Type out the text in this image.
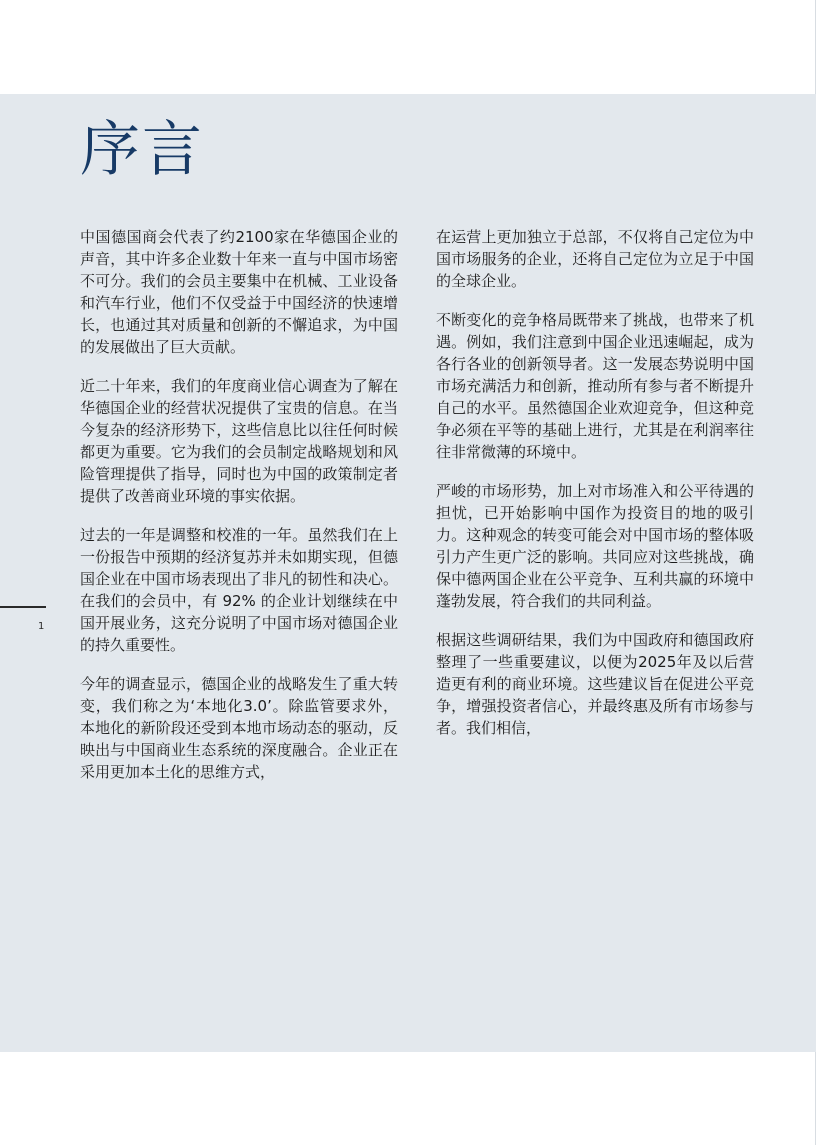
序言

中国德国商会代表了约2100家在华德国企业的声音，其中许多企业数十年来一直与中国市场密不可分。我们的会员主要集中在机械、工业设备和汽车行业，他们不仅受益于中国经济的快速增长，也通过其对质量和创新的不懈追求，为中国的发展做出了巨大贡献。

近二十年来，我们的年度商业信心调查为了解在华德国企业的经营状况提供了宝贵的信息。在当今复杂的经济形势下，这些信息比以往任何时候都更为重要。它为我们的会员制定战略规划和风险管理提供了指导，同时也为中国的政策制定者提供了改善商业环境的事实依据。

过去的一年是调整和校准的一年。虽然我们在上一份报告中预期的经济复苏并未如期实现，但德国企业在中国市场表现出了非凡的韧性和决心。在我们的会员中，有 92% 的企业计划继续在中国开展业务，这充分说明了中国市场对德国企业的持久重要性。

今年的调查显示，德国企业的战略发生了重大转变，我们称之为‘本地化3.0’。除监管要求外，本地化的新阶段还受到本地市场动态的驱动，反映出与中国商业生态系统的深度融合。企业正在采用更加本土化的思维方式，

在运营上更加独立于总部，不仅将自己定位为中国市场服务的企业，还将自己定位为立足于中国的全球企业。

不断变化的竞争格局既带来了挑战，也带来了机遇。例如，我们注意到中国企业迅速崛起，成为各行各业的创新领导者。这一发展态势说明中国市场充满活力和创新，推动所有参与者不断提升自己的水平。虽然德国企业欢迎竞争，但这种竞争必须在平等的基础上进行，尤其是在利润率往往非常微薄的环境中。

严峻的市场形势，加上对市场准入和公平待遇的担忧，已开始影响中国作为投资目的地的吸引力。这种观念的转变可能会对中国市场的整体吸引力产生更广泛的影响。共同应对这些挑战，确保中德两国企业在公平竞争、互利共赢的环境中蓬勃发展，符合我们的共同利益。

根据这些调研结果，我们为中国政府和德国政府整理了一些重要建议，以便为2025年及以后营造更有利的商业环境。这些建议旨在促进公平竞争，增强投资者信心，并最终惠及所有市场参与者。我们相信，

1
